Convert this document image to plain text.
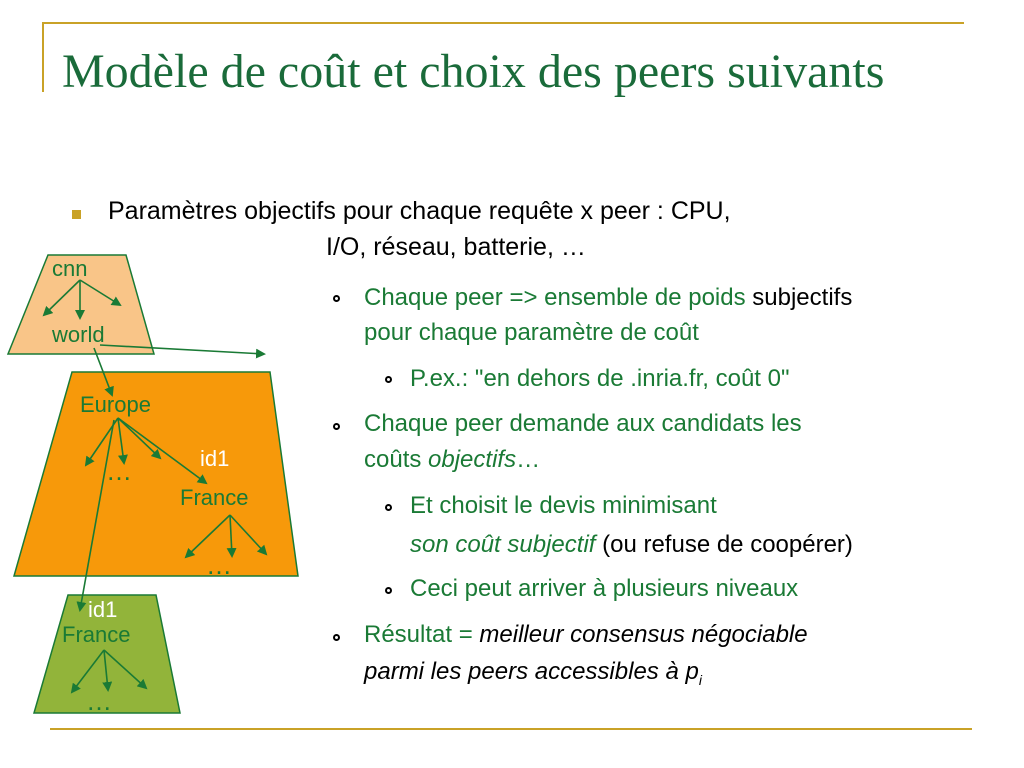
Modèle de coût et choix des peers suivants

Paramètres objectifs pour chaque requête x peer : CPU,

I/O, réseau, batterie, …

Chaque peer => ensemble de poids subjectifs

pour chaque paramètre de coût

P.ex.: "en dehors de .inria.fr, coût 0"

Chaque peer demande aux candidats les

coûts objectifs…

Et choisit le devis minimisant

son coût subjectif (ou refuse de coopérer)

Ceci peut arriver à plusieurs niveaux

Résultat = meilleur consensus négociable

parmi les peers accessibles à $p_i$

cnn

world

Europe

…	id1

France

…

id1

France

…
